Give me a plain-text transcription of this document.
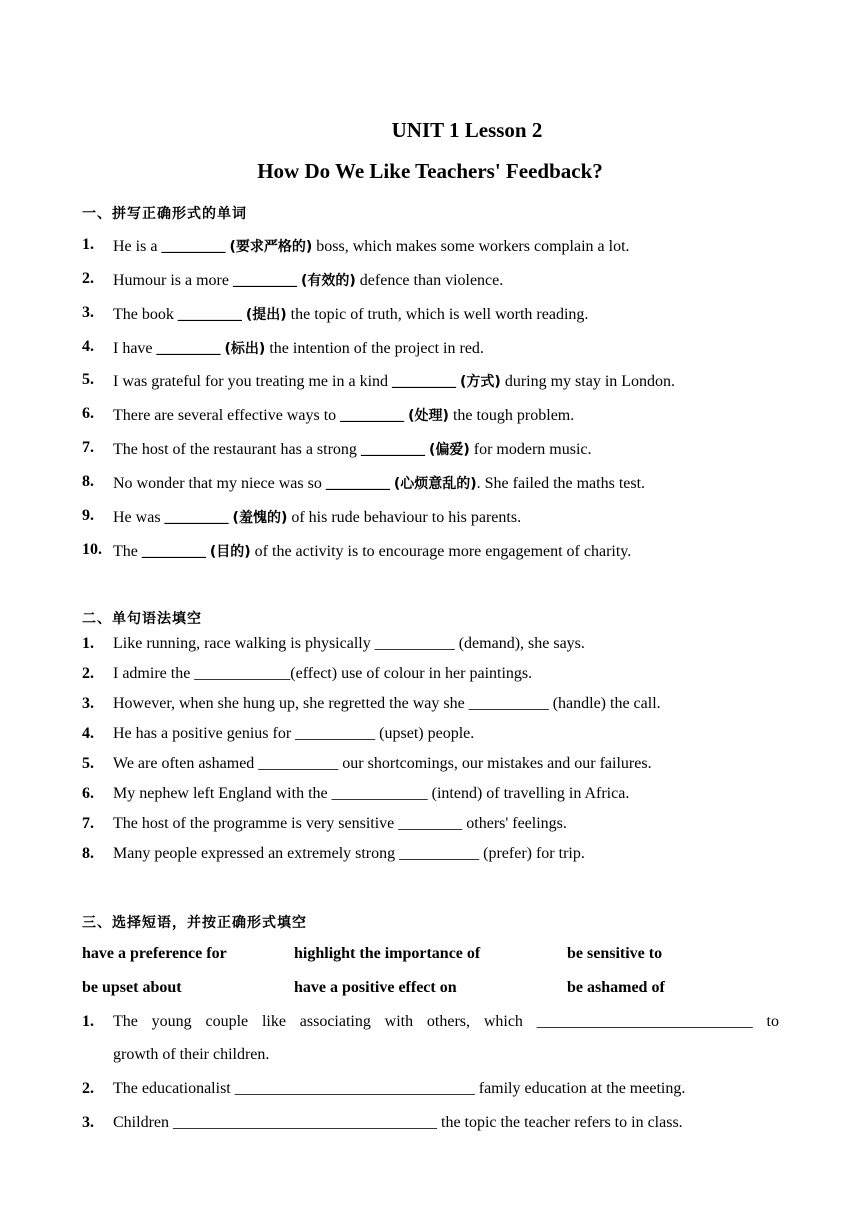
UNIT 1 Lesson 2
How Do We Like Teachers' Feedback?
一、拼写正确形式的单词
1. He is a ________ (要求严格的) boss, which makes some workers complain a lot.
2. Humour is a more ________ (有效的) defence than violence.
3. The book ________ (提出) the topic of truth, which is well worth reading.
4. I have ________ (标出) the intention of the project in red.
5. I was grateful for you treating me in a kind ________ (方式) during my stay in London.
6. There are several effective ways to ________ (处理) the tough problem.
7. The host of the restaurant has a strong ________ (偏爱) for modern music.
8. No wonder that my niece was so ________ (心烦意乱的). She failed the maths test.
9. He was ________ (羞愧的) of his rude behaviour to his parents.
10. The ________ (目的) of the activity is to encourage more engagement of charity.
二、单句语法填空
1. Like running, race walking is physically __________ (demand), she says.
2. I admire the ____________(effect) use of colour in her paintings.
3. However, when she hung up, she regretted the way she __________ (handle) the call.
4. He has a positive genius for __________ (upset) people.
5. We are often ashamed __________ our shortcomings, our mistakes and our failures.
6. My nephew left England with the ____________ (intend) of travelling in Africa.
7. The host of the programme is very sensitive ________ others' feelings.
8. Many people expressed an extremely strong __________ (prefer) for trip.
三、选择短语，并按正确形式填空
have a preference for	highlight the importance of	be sensitive to
be upset about	have a positive effect on	be ashamed of
1. The young couple like associating with others, which ___________________________ to
growth of their children.
2. The educationalist ______________________________ family education at the meeting.
3. Children _________________________________ the topic the teacher refers to in class.
